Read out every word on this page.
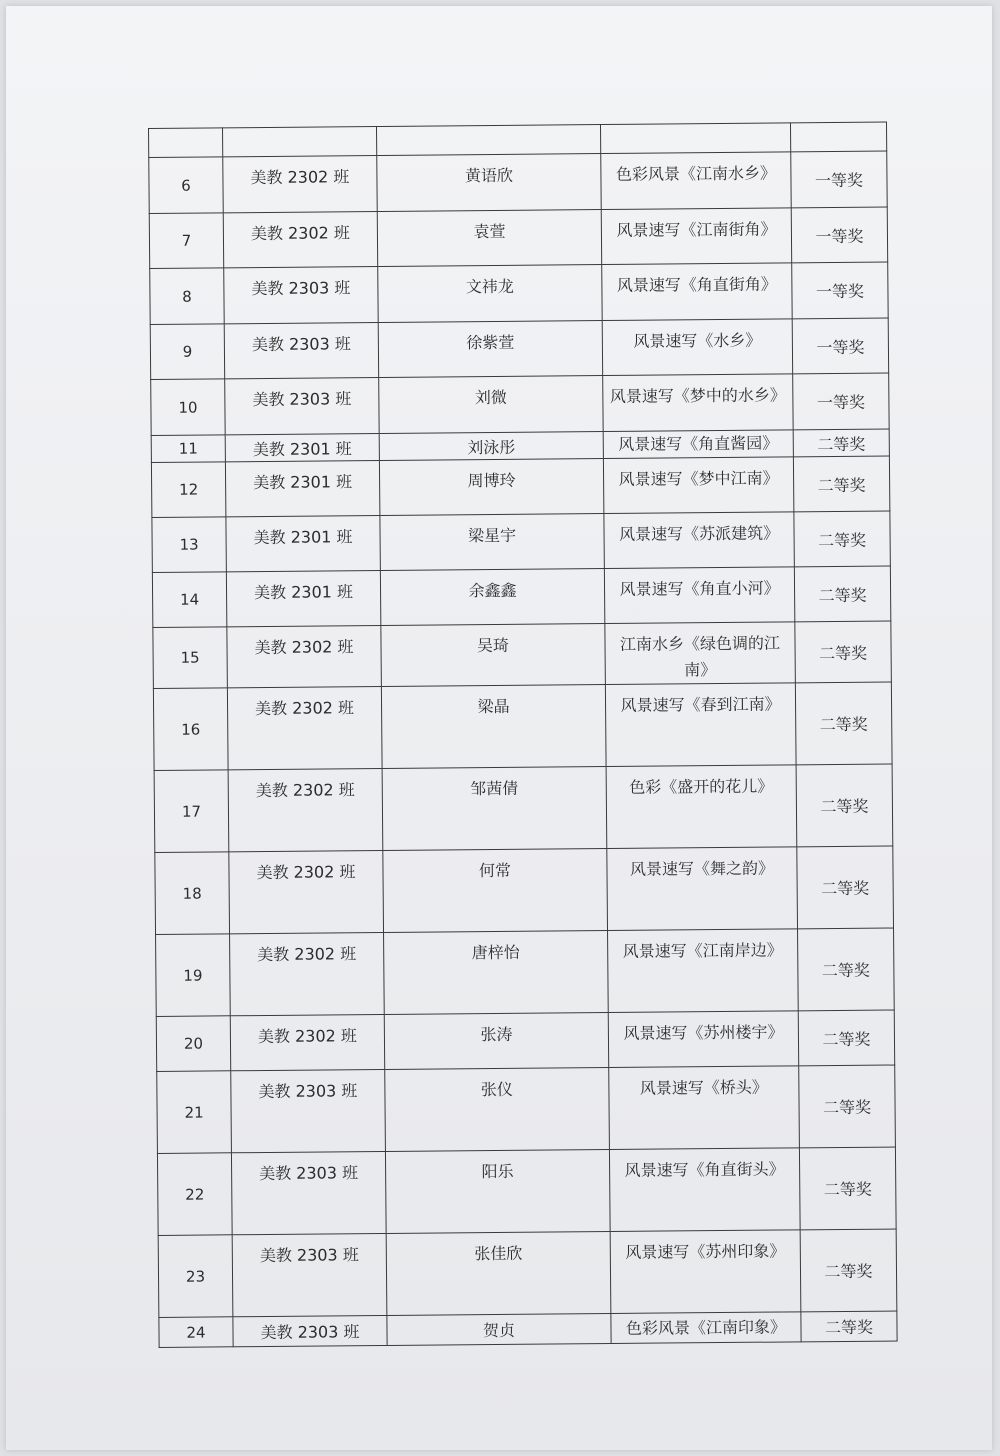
6	美教 2302 班	黄语欣	色彩风景《江南水乡》	一等奖
7	美教 2302 班	袁萱	风景速写《江南街角》	一等奖
8	美教 2303 班	文祎龙	风景速写《角直街角》	一等奖
9	美教 2303 班	徐紫萱	风景速写《水乡》	一等奖
10	美教 2303 班	刘微	风景速写《梦中的水乡》	一等奖
11	美教 2301 班	刘泳彤	风景速写《角直酱园》	二等奖
12	美教 2301 班	周博玲	风景速写《梦中江南》	二等奖
13	美教 2301 班	梁星宇	风景速写《苏派建筑》	二等奖
14	美教 2301 班	余鑫鑫	风景速写《角直小河》	二等奖
15	美教 2302 班	吴琦	江南水乡《绿色调的江南》	二等奖
16	美教 2302 班	梁晶	风景速写《春到江南》	二等奖
17	美教 2302 班	邹茜倩	色彩《盛开的花儿》	二等奖
18	美教 2302 班	何常	风景速写《舞之韵》	二等奖
19	美教 2302 班	唐梓怡	风景速写《江南岸边》	二等奖
20	美教 2302 班	张涛	风景速写《苏州楼宇》	二等奖
21	美教 2303 班	张仪	风景速写《桥头》	二等奖
22	美教 2303 班	阳乐	风景速写《角直街头》	二等奖
23	美教 2303 班	张佳欣	风景速写《苏州印象》	二等奖
24	美教 2303 班	贺贞	色彩风景《江南印象》	二等奖
